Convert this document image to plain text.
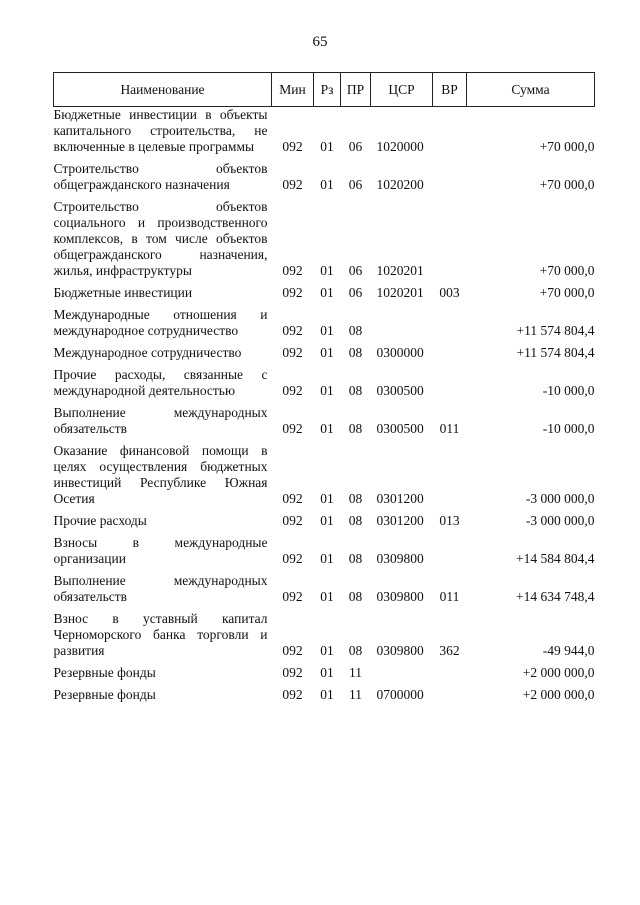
65
Наименование	Мин	Рз	ПР	ЦСР	ВР	Сумма
Бюджетные инвестиции в объекты капитального строительства, не включенные в целевые программы	092	01	06	1020000		+70 000,0

Строительство объектов общегражданского назначения	092	01	06	1020200		+70 000,0

Строительство объектов социального и производственного комплексов, в том числе объектов общегражданского назначения, жилья, инфраструктуры	092	01	06	1020201		+70 000,0

Бюджетные инвестиции	092	01	06	1020201	003	+70 000,0

Международные отношения и международное сотрудничество	092	01	08			+11 574 804,4

Международное сотрудничество	092	01	08	0300000		+11 574 804,4

Прочие расходы, связанные с международной деятельностью	092	01	08	0300500		-10 000,0

Выполнение международных обязательств	092	01	08	0300500	011	-10 000,0

Оказание финансовой помощи в целях осуществления бюджетных инвестиций Республике Южная Осетия	092	01	08	0301200		-3 000 000,0

Прочие расходы	092	01	08	0301200	013	-3 000 000,0

Взносы в международные организации	092	01	08	0309800		+14 584 804,4

Выполнение международных обязательств	092	01	08	0309800	011	+14 634 748,4

Взнос в уставный капитал Черноморского банка торговли и развития	092	01	08	0309800	362	-49 944,0

Резервные фонды	092	01	11			+2 000 000,0

Резервные фонды	092	01	11	0700000		+2 000 000,0
